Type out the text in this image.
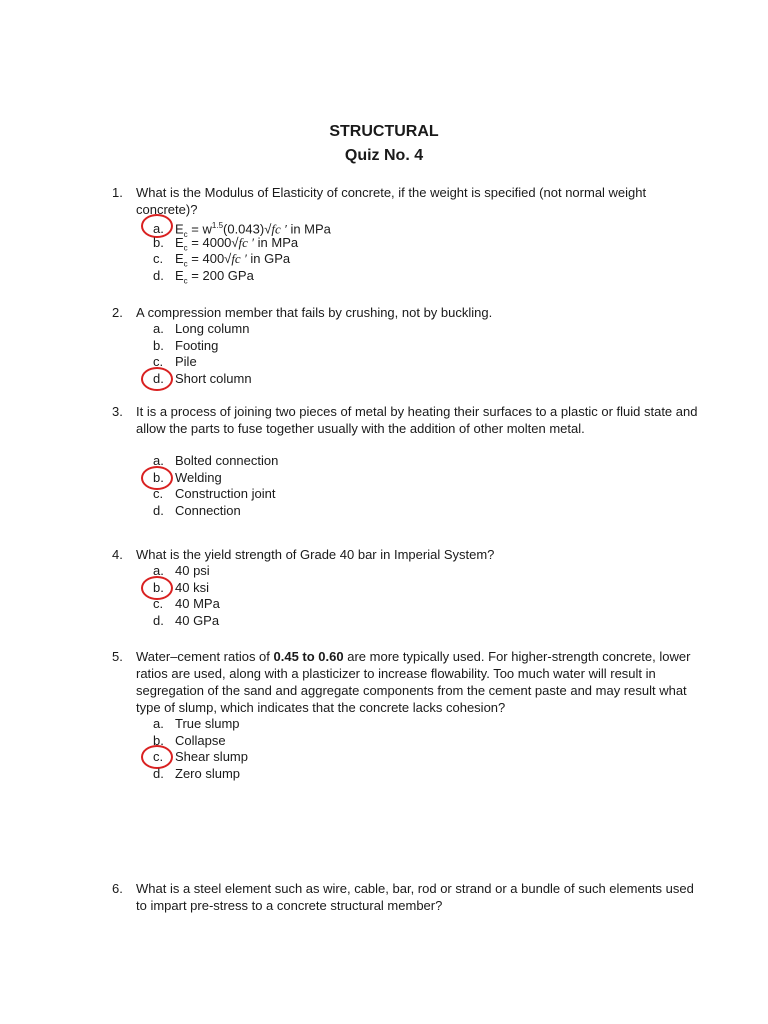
STRUCTURAL
Quiz No. 4
1. What is the Modulus of Elasticity of concrete, if the weight is specified (not normal weight concrete)?
a. $E_c = w^{1.5}(0.043)√fc$ ′ in MPa
b. $E_c = 4000√fc$ ′ in MPa
c. $E_c = 400√fc$ ′ in GPa
d. $E_c = 200$ GPa
2. A compression member that fails by crushing, not by buckling.
a. Long column
b. Footing
c. Pile
d. Short column
3. It is a process of joining two pieces of metal by heating their surfaces to a plastic or fluid state and allow the parts to fuse together usually with the addition of other molten metal.
a. Bolted connection
b. Welding
c. Construction joint
d. Connection
4. What is the yield strength of Grade 40 bar in Imperial System?
a. 40 psi
b. 40 ksi
c. 40 MPa
d. 40 GPa
5. Water–cement ratios of 0.45 to 0.60 are more typically used. For higher-strength concrete, lower ratios are used, along with a plasticizer to increase flowability. Too much water will result in segregation of the sand and aggregate components from the cement paste and may result what type of slump, which indicates that the concrete lacks cohesion?
a. True slump
b. Collapse
c. Shear slump
d. Zero slump
6. What is a steel element such as wire, cable, bar, rod or strand or a bundle of such elements used to impart pre-stress to a concrete structural member?
